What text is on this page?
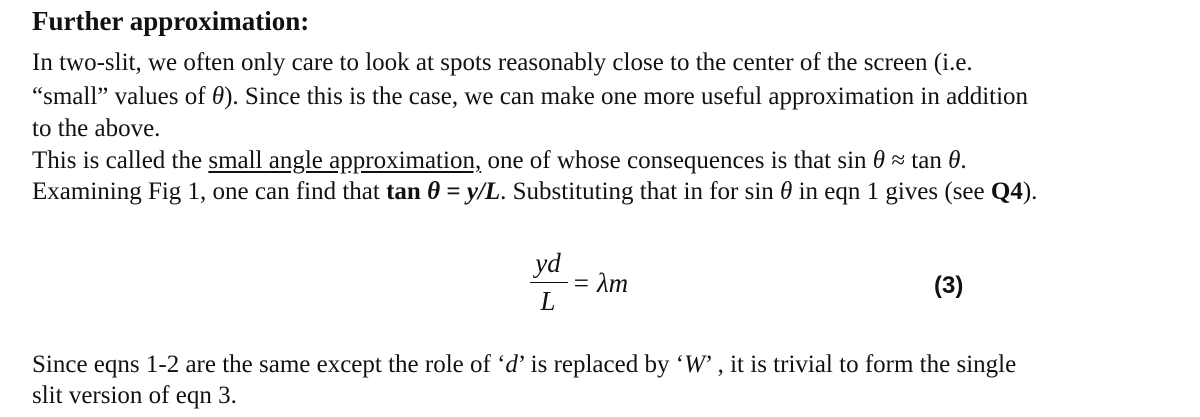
Further approximation:
In two-slit, we often only care to look at spots reasonably close to the center of the screen (i.e.
“small” values of θ). Since this is the case, we can make one more useful approximation in addition
to the above.
This is called the small angle approximation, one of whose consequences is that sin θ ≈ tan θ.
Examining Fig 1, one can find that tan θ = y/L. Substituting that in for sin θ in eqn 1 gives (see Q4).
yd
L
= λm	(3)
Since eqns 1-2 are the same except the role of ‘d’ is replaced by ‘W’ , it is trivial to form the single
slit version of eqn 3.
